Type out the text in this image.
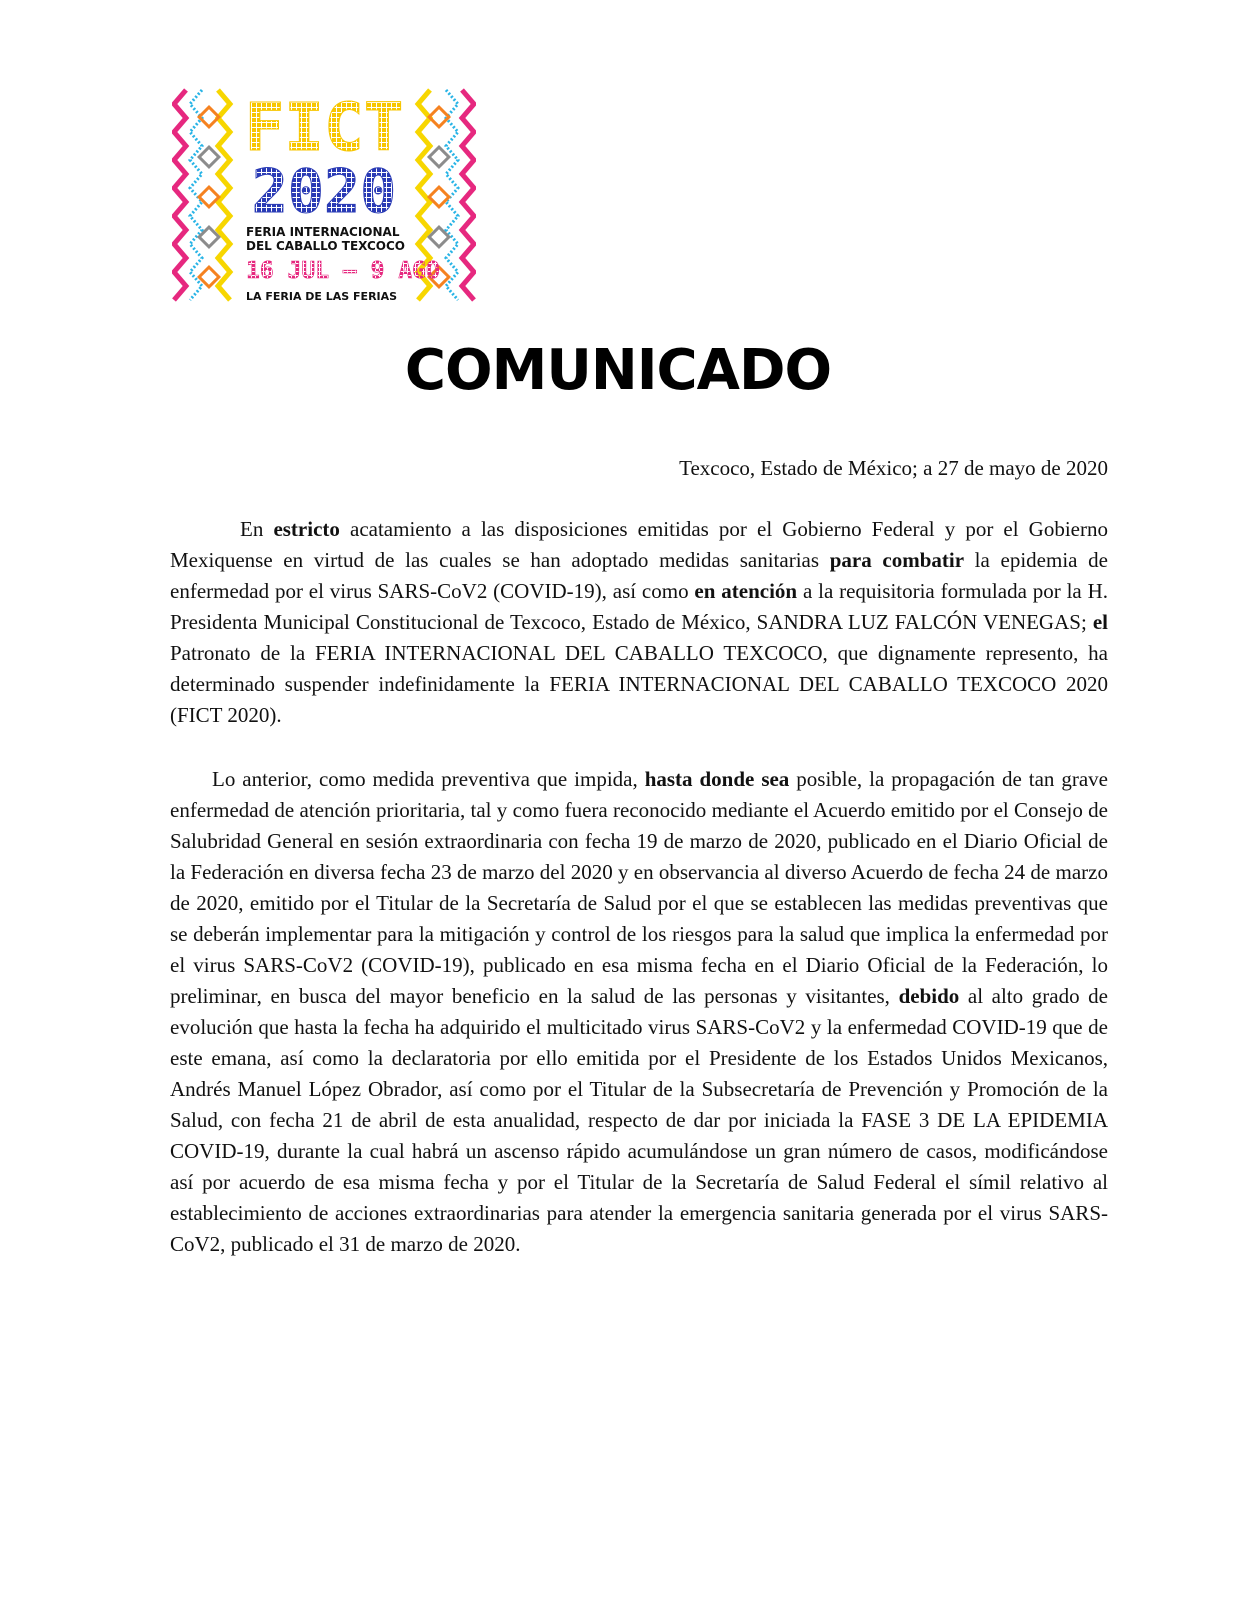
FICT
2020
FERIA INTERNACIONAL
DEL CABALLO TEXCOCO
16 JUL – 9 AGO
LA FERIA DE LAS FERIAS
COMUNICADO
Texcoco, Estado de México; a 27 de mayo de 2020
En estricto acatamiento a las disposiciones emitidas por el Gobierno Federal y por el Gobierno Mexiquense en virtud de las cuales se han adoptado medidas sanitarias para combatir la epidemia de enfermedad por el virus SARS-CoV2 (COVID-19), así como en atención a la requisitoria formulada por la H. Presidenta Municipal Constitucional de Texcoco, Estado de México, SANDRA LUZ FALCÓN VENEGAS; el Patronato de la FERIA INTERNACIONAL DEL CABALLO TEXCOCO, que dignamente represento, ha determinado suspender indefinidamente la FERIA INTERNACIONAL DEL CABALLO TEXCOCO 2020 (FICT 2020).
Lo anterior, como medida preventiva que impida, hasta donde sea posible, la propagación de tan grave enfermedad de atención prioritaria, tal y como fuera reconocido mediante el Acuerdo emitido por el Consejo de Salubridad General en sesión extraordinaria con fecha 19 de marzo de 2020, publicado en el Diario Oficial de la Federación en diversa fecha 23 de marzo del 2020 y en observancia al diverso Acuerdo de fecha 24 de marzo de 2020, emitido por el Titular de la Secretaría de Salud por el que se establecen las medidas preventivas que se deberán implementar para la mitigación y control de los riesgos para la salud que implica la enfermedad por el virus SARS-CoV2 (COVID-19), publicado en esa misma fecha en el Diario Oficial de la Federación, lo preliminar, en busca del mayor beneficio en la salud de las personas y visitantes, debido al alto grado de evolución que hasta la fecha ha adquirido el multicitado virus SARS-CoV2 y la enfermedad COVID-19 que de este emana, así como la declaratoria por ello emitida por el Presidente de los Estados Unidos Mexicanos, Andrés Manuel López Obrador, así como por el Titular de la Subsecretaría de Prevención y Promoción de la Salud, con fecha 21 de abril de esta anualidad, respecto de dar por iniciada la FASE 3 DE LA EPIDEMIA COVID-19, durante la cual habrá un ascenso rápido acumulándose un gran número de casos, modificándose así por acuerdo de esa misma fecha y por el Titular de la Secretaría de Salud Federal el símil relativo al establecimiento de acciones extraordinarias para atender la emergencia sanitaria generada por el virus SARS-CoV2, publicado el 31 de marzo de 2020.
